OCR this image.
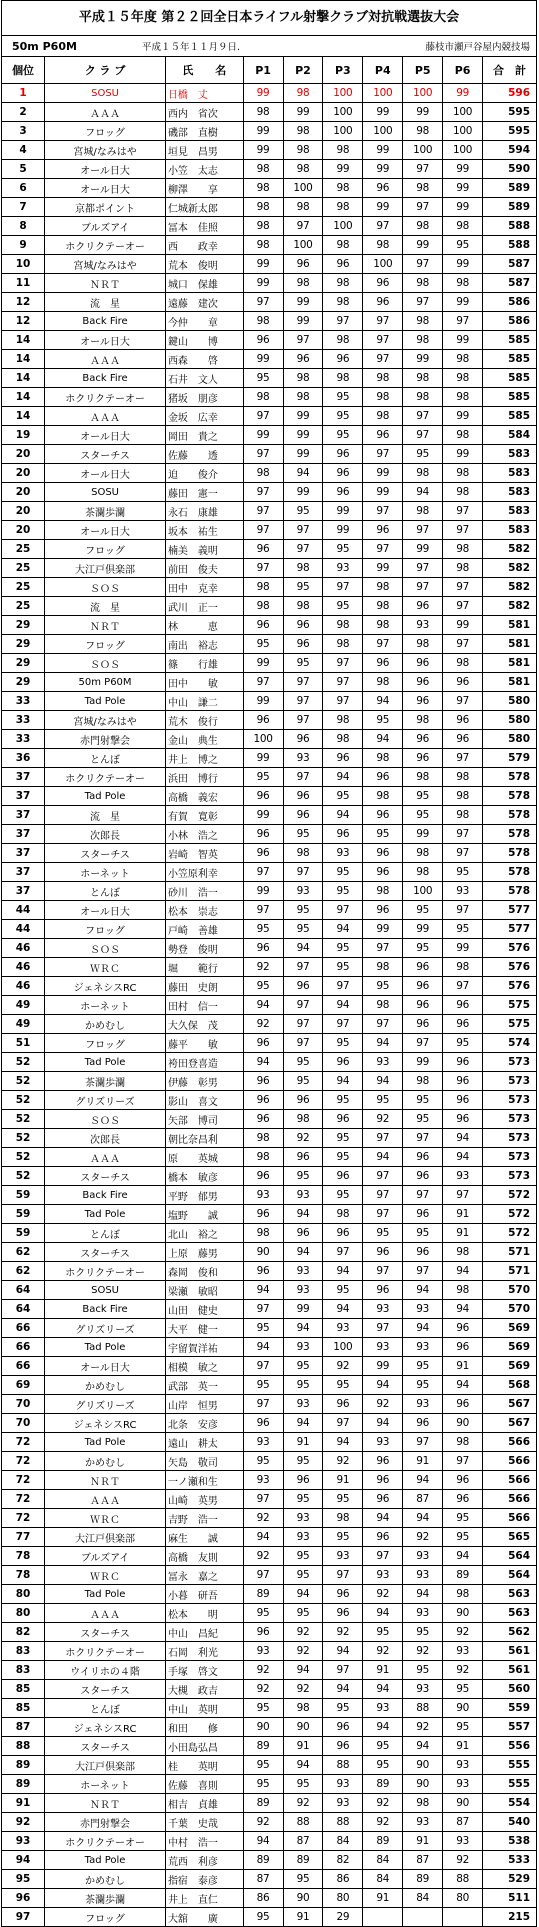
平成１５年度 第２２回全日本ライフル射撃クラブ対抗戦選抜大会
50m P60M	平成１５年１１月９日.	藤枝市瀬戸谷屋内競技場
個位	ク ラ ブ	氏　　名	P1	P2	P3	P4	P5	P6	合　計
1	SOSU	日橋　丈	99	98	100	100	100	99	596
2	ＡＡＡ	西内　省次	98	99	100	99	99	100	595
3	フロッグ	磯部　直樹	99	98	100	100	98	100	595
4	宮城/なみはや	垣見　昌男	99	98	98	99	100	100	594
5	オール日大	小笠　太志	98	98	99	99	97	99	590
6	オール日大	柳澤　　享	98	100	98	96	98	99	589
7	京都ポイント	仁城新太郎	98	98	98	99	97	99	589
8	ブルズアイ	冨本　佳照	98	97	100	97	98	98	588
9	ホクリクテーオー	西　　政幸	98	100	98	98	99	95	588
10	宮城/なみはや	荒本　俊明	99	96	96	100	97	99	587
11	ＮＲＴ	城口　保雄	99	98	98	96	98	98	587
12	流　星	遠藤　建次	97	99	98	96	97	99	586
12	Back Fire	今仲　　章	98	99	97	97	98	97	586
14	オール日大	鍵山　　博	96	97	98	97	98	99	585
14	ＡＡＡ	西森　　啓	99	96	96	97	99	98	585
14	Back Fire	石井　文人	95	98	98	98	98	98	585
14	ホクリクテーオー	猪坂　朋彦	98	98	95	98	98	98	585
14	ＡＡＡ	金坂　広幸	97	99	95	98	97	99	585
19	オール日大	岡田　貴之	99	99	95	96	97	98	584
20	スターチス	佐藤　　透	97	99	96	97	95	99	583
20	オール日大	迫　　俊介	98	94	96	99	98	98	583
20	SOSU	藤田　憲一	97	99	96	99	94	98	583
20	茶瀾歩瀾	永石　康雄	97	95	99	97	98	97	583
20	オール日大	坂本　祐生	97	97	99	96	97	97	583
25	フロッグ	楠美　義明	96	97	95	97	99	98	582
25	大江戸倶楽部	前田　俊夫	97	98	93	99	97	98	582
25	ＳＯＳ	田中　克幸	98	95	97	98	97	97	582
25	流　星	武川　正一	98	98	95	98	96	97	582
29	ＮＲＴ	林　　　恵	96	96	98	98	93	99	581
29	フロッグ	南出　裕志	95	96	98	97	98	97	581
29	ＳＯＳ	篠　　行雄	99	95	97	96	96	98	581
29	50m P60M	田中　　敏	97	97	97	98	96	96	581
33	Tad Pole	中山　謙二	99	97	97	94	96	97	580
33	宮城/なみはや	荒木　俊行	96	97	98	95	98	96	580
33	赤門射撃会	金山　典生	100	96	98	94	96	96	580
36	とんぼ	井上　博之	99	93	96	98	96	97	579
37	ホクリクテーオー	浜田　博行	95	97	94	96	98	98	578
37	Tad Pole	高橋　義宏	96	96	95	98	95	98	578
37	流　星	有賀　寛彰	99	96	94	96	95	98	578
37	次郎長	小林　浩之	96	95	96	95	99	97	578
37	スターチス	岩崎　智英	96	98	93	96	98	97	578
37	ホーネット	小笠原利幸	97	97	95	96	98	95	578
37	とんぼ	砂川　浩一	99	93	95	98	100	93	578
44	オール日大	松本　崇志	97	95	97	96	95	97	577
44	フロッグ	戸崎　善雄	95	95	94	99	99	95	577
46	ＳＯＳ	勢登　俊明	96	94	95	97	95	99	576
46	ＷＲＣ	堀　　範行	92	97	95	98	96	98	576
46	ジェネシスRC	藤田　史朗	95	96	97	95	96	97	576
49	ホーネット	田村　信一	94	97	94	98	96	96	575
49	かめむし	大久保　茂	92	97	97	97	96	96	575
51	フロッグ	藤平　　敏	96	97	95	94	97	95	574
52	Tad Pole	袴田登喜造	94	95	96	93	99	96	573
52	茶瀾歩瀾	伊藤　彰男	96	95	94	94	98	96	573
52	グリズリーズ	影山　喜文	96	96	95	95	95	96	573
52	ＳＯＳ	矢部　博司	96	98	96	92	95	96	573
52	次郎長	朝比奈昌利	98	92	95	97	97	94	573
52	ＡＡＡ	原　　英城	98	96	95	94	96	94	573
52	スターチス	橋本　敏彦	96	95	96	97	96	93	573
59	Back Fire	平野　郁男	93	93	95	97	97	97	572
59	Tad Pole	塩野　　誠	96	94	98	97	96	91	572
59	とんぼ	北山　裕之	98	96	96	95	95	91	572
62	スターチス	上原　藤男	90	94	97	96	96	98	571
62	ホクリクテーオー	森岡　俊和	96	93	94	97	97	94	571
64	SOSU	梁瀬　敏昭	94	93	95	96	94	98	570
64	Back Fire	山田　健史	97	99	94	93	93	94	570
66	グリズリーズ	大平　健一	95	94	93	97	94	96	569
66	Tad Pole	宇留賀洋祐	94	93	100	93	93	96	569
66	オール日大	相模　敏之	97	95	92	99	95	91	569
69	かめむし	武部　英一	95	95	95	94	95	94	568
70	グリズリーズ	山岸　恒男	97	93	96	92	93	96	567
70	ジェネシスRC	北条　安彦	96	94	97	94	96	90	567
72	Tad Pole	遠山　耕太	93	91	94	93	97	98	566
72	かめむし	矢島　敬司	95	95	92	96	91	97	566
72	ＮＲＴ	一ノ瀬和生	93	96	91	96	94	96	566
72	ＡＡＡ	山崎　英男	97	95	95	96	87	96	566
72	ＷＲＣ	吉野　浩一	92	93	98	94	94	95	566
77	大江戸倶楽部	麻生　　誠	94	93	95	96	92	95	565
78	ブルズアイ	高橋　友則	92	95	93	97	93	94	564
78	ＷＲＣ	冨永　嘉之	97	95	97	93	93	89	564
80	Tad Pole	小暮　研吾	89	94	96	92	94	98	563
80	ＡＡＡ	松本　　明	95	95	96	94	93	90	563
82	スターチス	中山　昌紀	96	92	92	95	95	92	562
83	ホクリクテーオー	石岡　利光	93	92	94	92	92	93	561
83	ウイリホの４階	手塚　啓文	92	94	97	91	95	92	561
85	スターチス	大槻　政吉	92	92	94	94	93	95	560
85	とんぼ	中山　英明	95	98	95	93	88	90	559
87	ジェネシスRC	和田　　修	90	90	96	94	92	95	557
88	スターチス	小田島弘昌	89	91	96	95	94	91	556
89	大江戸倶楽部	桂　　英明	95	94	88	95	90	93	555
89	ホーネット	佐藤　喜則	95	95	93	89	90	93	555
91	ＮＲＴ	相吉　貞雄	89	92	93	92	98	90	554
92	赤門射撃会	千葉　史哉	92	88	88	92	93	87	540
93	ホクリクテーオー	中村　浩一	94	87	84	89	91	93	538
94	Tad Pole	荒西　利彦	89	89	82	84	87	92	533
95	かめむし	指宿　泰彦	87	95	86	84	89	88	529
96	茶瀾歩瀾	井上　直仁	86	90	80	91	84	80	511
97	フロッグ	大舘　　廣	95	91	29				215
